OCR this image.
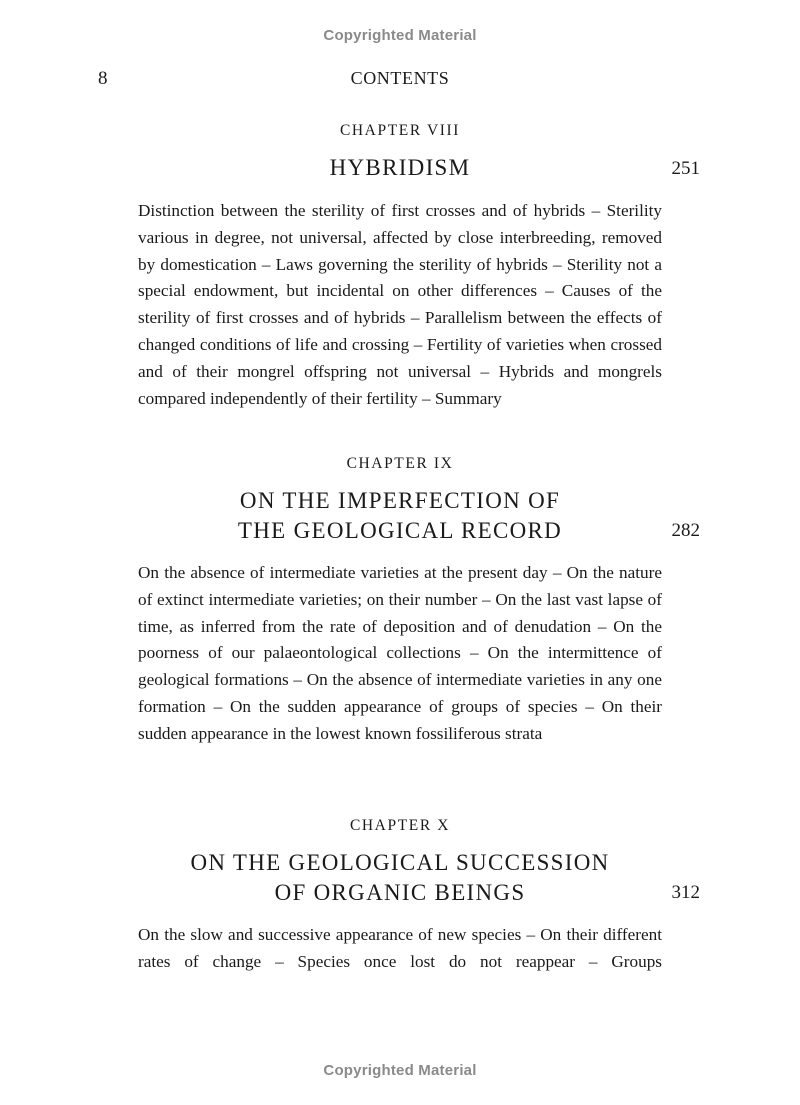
Copyrighted Material
8	CONTENTS
CHAPTER VIII
HYBRIDISM	251

Distinction between the sterility of first crosses and of hybrids – Sterility various in degree, not universal, affected by close interbreeding, removed by domestication – Laws governing the sterility of hybrids – Sterility not a special endowment, but incidental on other differences – Causes of the sterility of first crosses and of hybrids – Parallelism between the effects of changed conditions of life and crossing – Fertility of varieties when crossed and of their mongrel offspring not universal – Hybrids and mongrels compared independently of their fertility – Summary

CHAPTER IX
ON THE IMPERFECTION OF
THE GEOLOGICAL RECORD	282

On the absence of intermediate varieties at the present day – On the nature of extinct intermediate varieties; on their number – On the last vast lapse of time, as inferred from the rate of deposition and of denudation – On the poorness of our palaeontological collections – On the intermittence of geological formations – On the absence of intermediate varieties in any one formation – On the sudden appearance of groups of species – On their sudden appearance in the lowest known fossiliferous strata

CHAPTER X
ON THE GEOLOGICAL SUCCESSION
OF ORGANIC BEINGS	312

On the slow and successive appearance of new species – On their different rates of change – Species once lost do not reappear – Groups

Copyrighted Material
